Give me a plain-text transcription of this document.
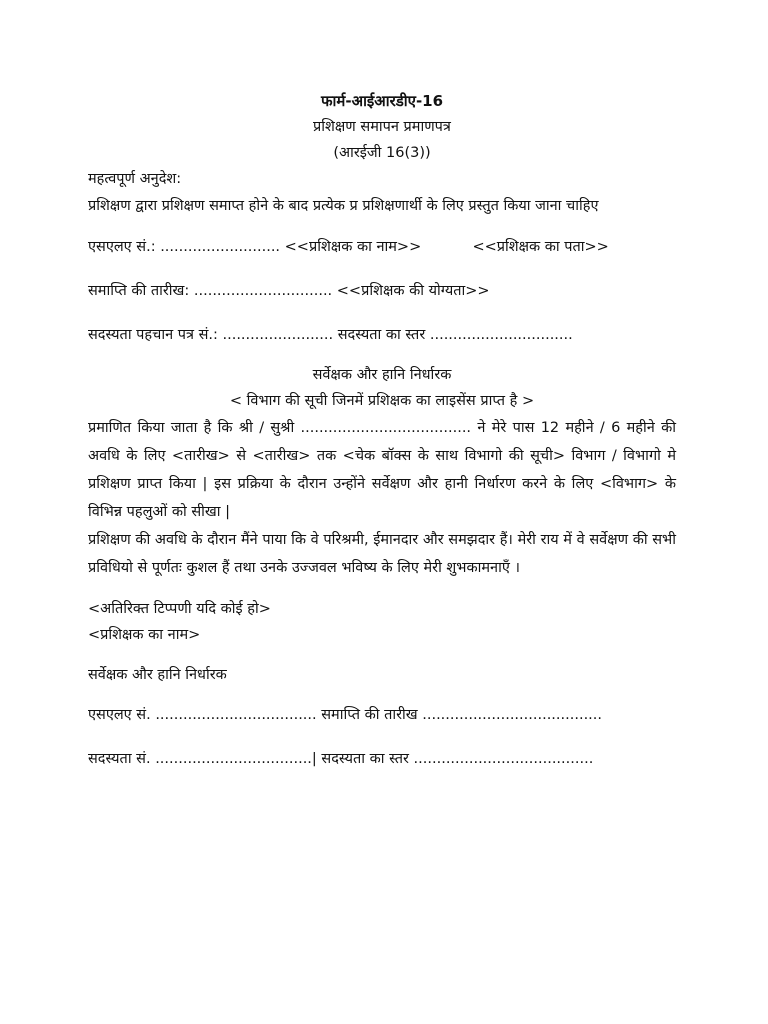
फार्म-आईआरडीए-16
प्रशिक्षण समापन प्रमाणपत्र
(आरईजी 16(3))
महत्वपूर्ण अनुदेश:
प्रशिक्षण द्वारा प्रशिक्षण समाप्त होने के बाद प्रत्येक प्र प्रशिक्षणार्थी के लिए प्रस्तुत किया जाना चाहिए
एसएलए सं.: .......................... <<प्रशिक्षक का नाम>>	<<प्रशिक्षक का पता>>
समाप्ति की तारीख: .............................. <<प्रशिक्षक की योग्यता>>
सदस्यता पहचान पत्र सं.: ........................ सदस्यता का स्तर ...............................
सर्वेक्षक और हानि निर्धारक
< विभाग की सूची जिनमें प्रशिक्षक का लाइसेंस प्राप्त है >
प्रमाणित किया जाता है कि श्री / सुश्री ..................................... ने मेरे पास 12 महीने / 6 महीने की अवधि के लिए <तारीख> से <तारीख> तक <चेक बॉक्स के साथ विभागो की सूची> विभाग / विभागो मे प्रशिक्षण प्राप्त किया | इस प्रक्रिया के दौरान उन्होंने सर्वेक्षण और हानी निर्धारण करने के लिए <विभाग> के विभिन्न पहलुओं को सीखा |
प्रशिक्षण की अवधि के दौरान मैंने पाया कि वे परिश्रमी, ईमानदार और समझदार हैं। मेरी राय में वे सर्वेक्षण की सभी प्रविधियो से पूर्णतः कुशल हैं तथा उनके उज्जवल भविष्य के लिए मेरी शुभकामनाएँ ।
<अतिरिक्त टिप्पणी यदि कोई हो>
<प्रशिक्षक का नाम>
सर्वेक्षक और हानि निर्धारक
एसएलए सं. ................................... समाप्ति की तारीख .......................................
सदस्यता सं. ..................................| सदस्यता का स्तर .......................................
